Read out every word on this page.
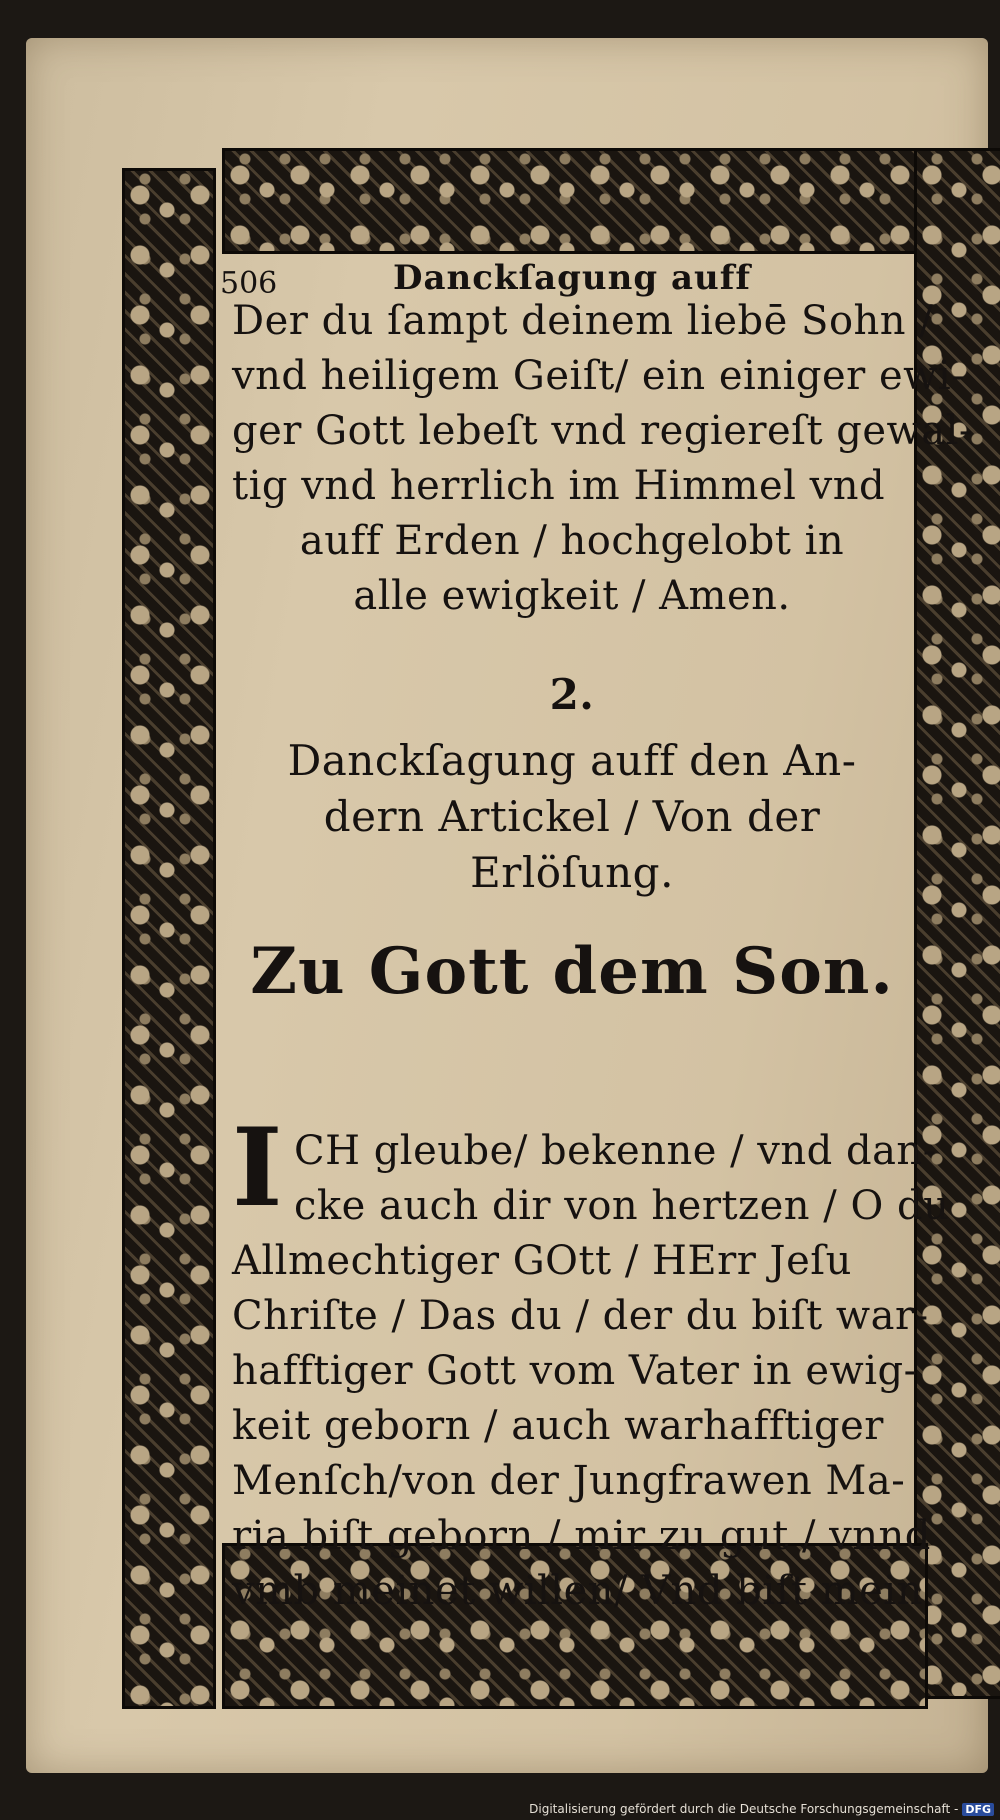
506	Danckſagung auff
Der du ſampt deinem liebē Sohn /
vnd heiligem Geiſt/ ein einiger ewi-
ger Gott lebeſt vnd regiereſt gewal-
tig vnd herrlich im Himmel vnd
auff Erden / hochgelobt in
alle ewigkeit / Amen.
2.
Danckſagung auff den An-
dern Artickel / Von der
Erlöſung.
Zu Gott dem Son.
I CH gleube/ bekenne / vnd dan-
cke auch dir von hertzen / O du
Allmechtiger GOtt / HErr Jeſu
Chriſte / Das du / der du biſt war-
hafftiger Gott vom Vater in ewig-
keit geborn / auch warhafftiger
Menſch/von der Jungfrawen Ma-
ria biſt geborn / mir zu gut / vnnd
vmb meinet willen/ Vnd biſt mein
Digitalisierung gefördert durch die Deutsche Forschungsgemeinschaft - DFG
